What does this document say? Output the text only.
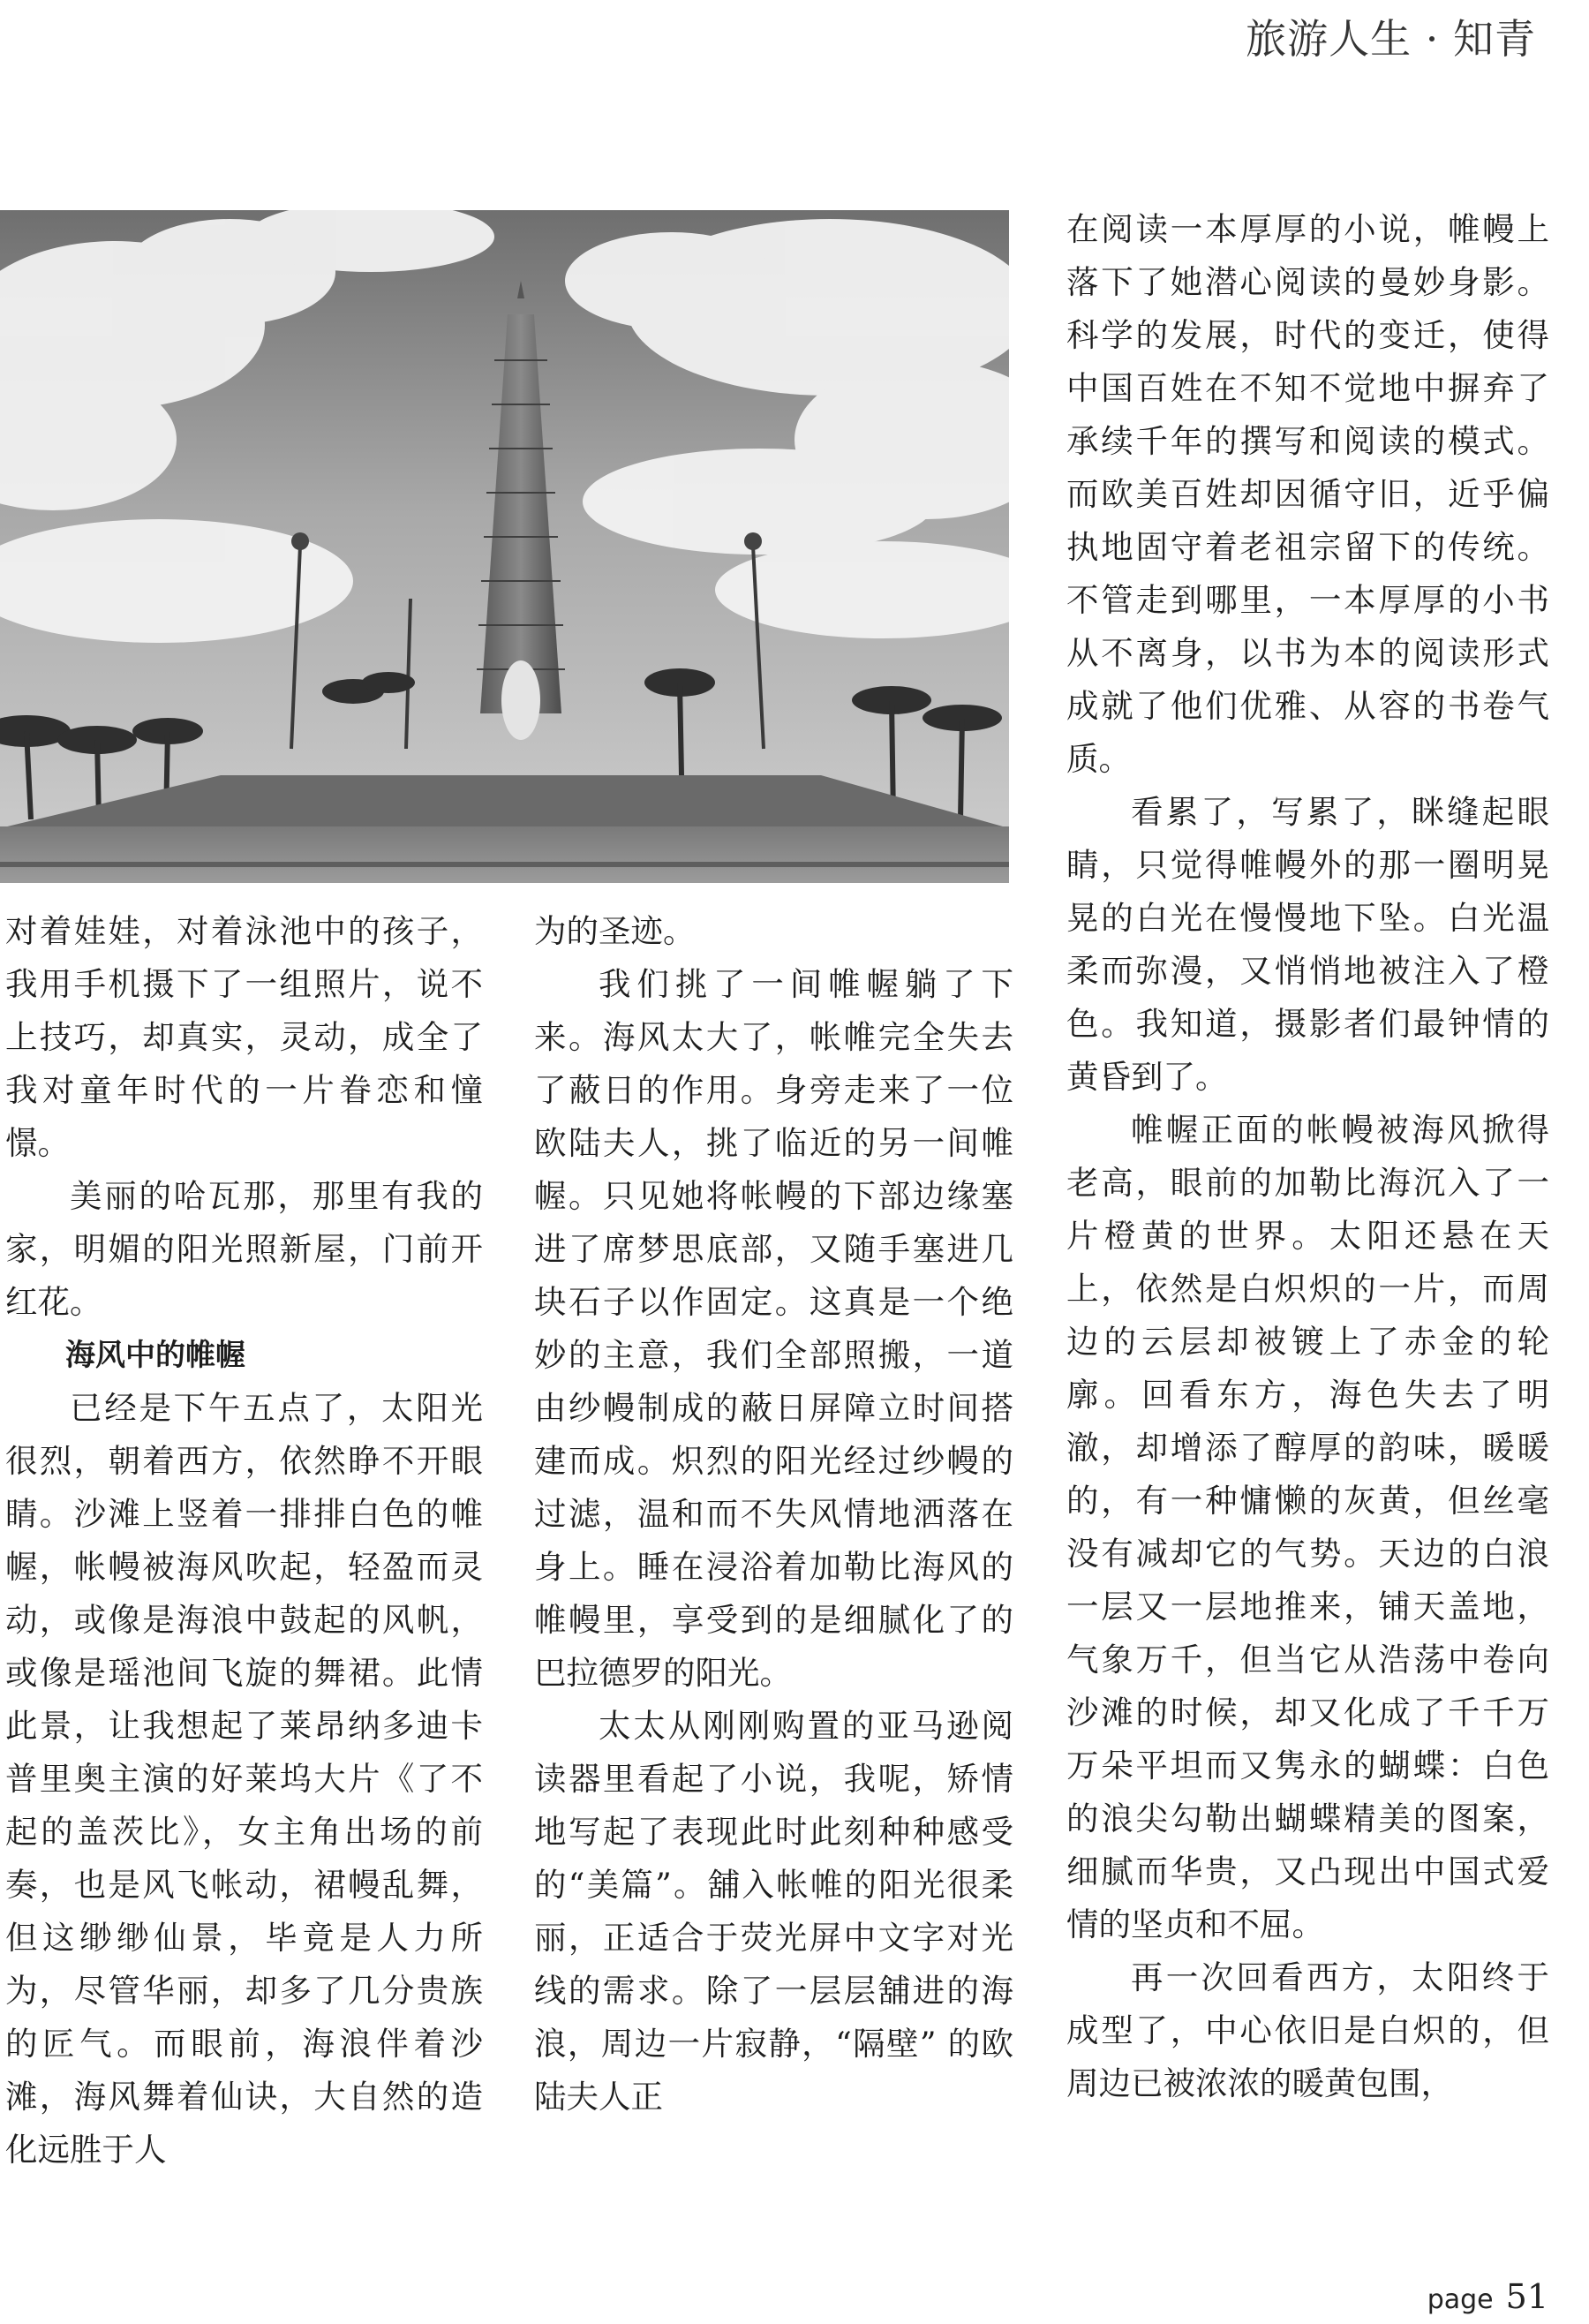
旅游人生 · 知青

对着娃娃，对着泳池中的孩子，我用手机摄下了一组照片，说不上技巧，却真实，灵动，成全了我对童年时代的一片眷恋和憧憬。

美丽的哈瓦那，那里有我的家，明媚的阳光照新屋，门前开红花。

海风中的帷幄

已经是下午五点了，太阳光很烈，朝着西方，依然睁不开眼睛。沙滩上竖着一排排白色的帷幄，帐幔被海风吹起，轻盈而灵动，或像是海浪中鼓起的风帆，或像是瑶池间飞旋的舞裙。此情此景，让我想起了莱昂纳多迪卡普里奥主演的好莱坞大片《了不起的盖茨比》，女主角出场的前奏，也是风飞帐动，裙幔乱舞，但这缈缈仙景，毕竟是人力所为，尽管华丽，却多了几分贵族的匠气。而眼前，海浪伴着沙滩，海风舞着仙诀，大自然的造化远胜于人

为的圣迹。

我们挑了一间帷幄躺了下来。海风太大了，帐帷完全失去了蔽日的作用。身旁走来了一位欧陆夫人，挑了临近的另一间帷幄。只见她将帐幔的下部边缘塞进了席梦思底部，又随手塞进几块石子以作固定。这真是一个绝妙的主意，我们全部照搬，一道由纱幔制成的蔽日屏障立时间搭建而成。炽烈的阳光经过纱幔的过滤，温和而不失风情地洒落在身上。睡在浸浴着加勒比海风的帷幔里，享受到的是细腻化了的巴拉德罗的阳光。

太太从刚刚购置的亚马逊阅读器里看起了小说，我呢，矫情地写起了表现此时此刻种种感受的“美篇”。舖入帐帷的阳光很柔丽，正适合于荧光屏中文字对光线的需求。除了一层层舖进的海浪，周边一片寂静，“隔壁” 的欧陆夫人正

在阅读一本厚厚的小说，帷幔上落下了她潜心阅读的曼妙身影。科学的发展，时代的变迁，使得中国百姓在不知不觉地中摒弃了承续千年的撰写和阅读的模式。而欧美百姓却因循守旧，近乎偏执地固守着老祖宗留下的传统。不管走到哪里，一本厚厚的小书从不离身，以书为本的阅读形式成就了他们优雅、从容的书卷气质。

看累了，写累了，眯缝起眼睛，只觉得帷幔外的那一圈明晃晃的白光在慢慢地下坠。白光温柔而弥漫，又悄悄地被注入了橙色。我知道，摄影者们最钟情的黄昏到了。

帷幄正面的帐幔被海风掀得老高，眼前的加勒比海沉入了一片橙黄的世界。太阳还悬在天上，依然是白炽炽的一片，而周边的云层却被镀上了赤金的轮廓。回看东方，海色失去了明澈，却增添了醇厚的韵味，暖暖的，有一种慵懒的灰黄，但丝毫没有减却它的气势。天边的白浪一层又一层地推来，铺天盖地，气象万千，但当它从浩荡中卷向沙滩的时候，却又化成了千千万万朵平坦而又隽永的蝴蝶：白色的浪尖勾勒出蝴蝶精美的图案，细腻而华贵，又凸现出中国式爱情的坚贞和不屈。

再一次回看西方，太阳终于成型了，中心依旧是白炽的，但周边已被浓浓的暖黄包围，

page 51
